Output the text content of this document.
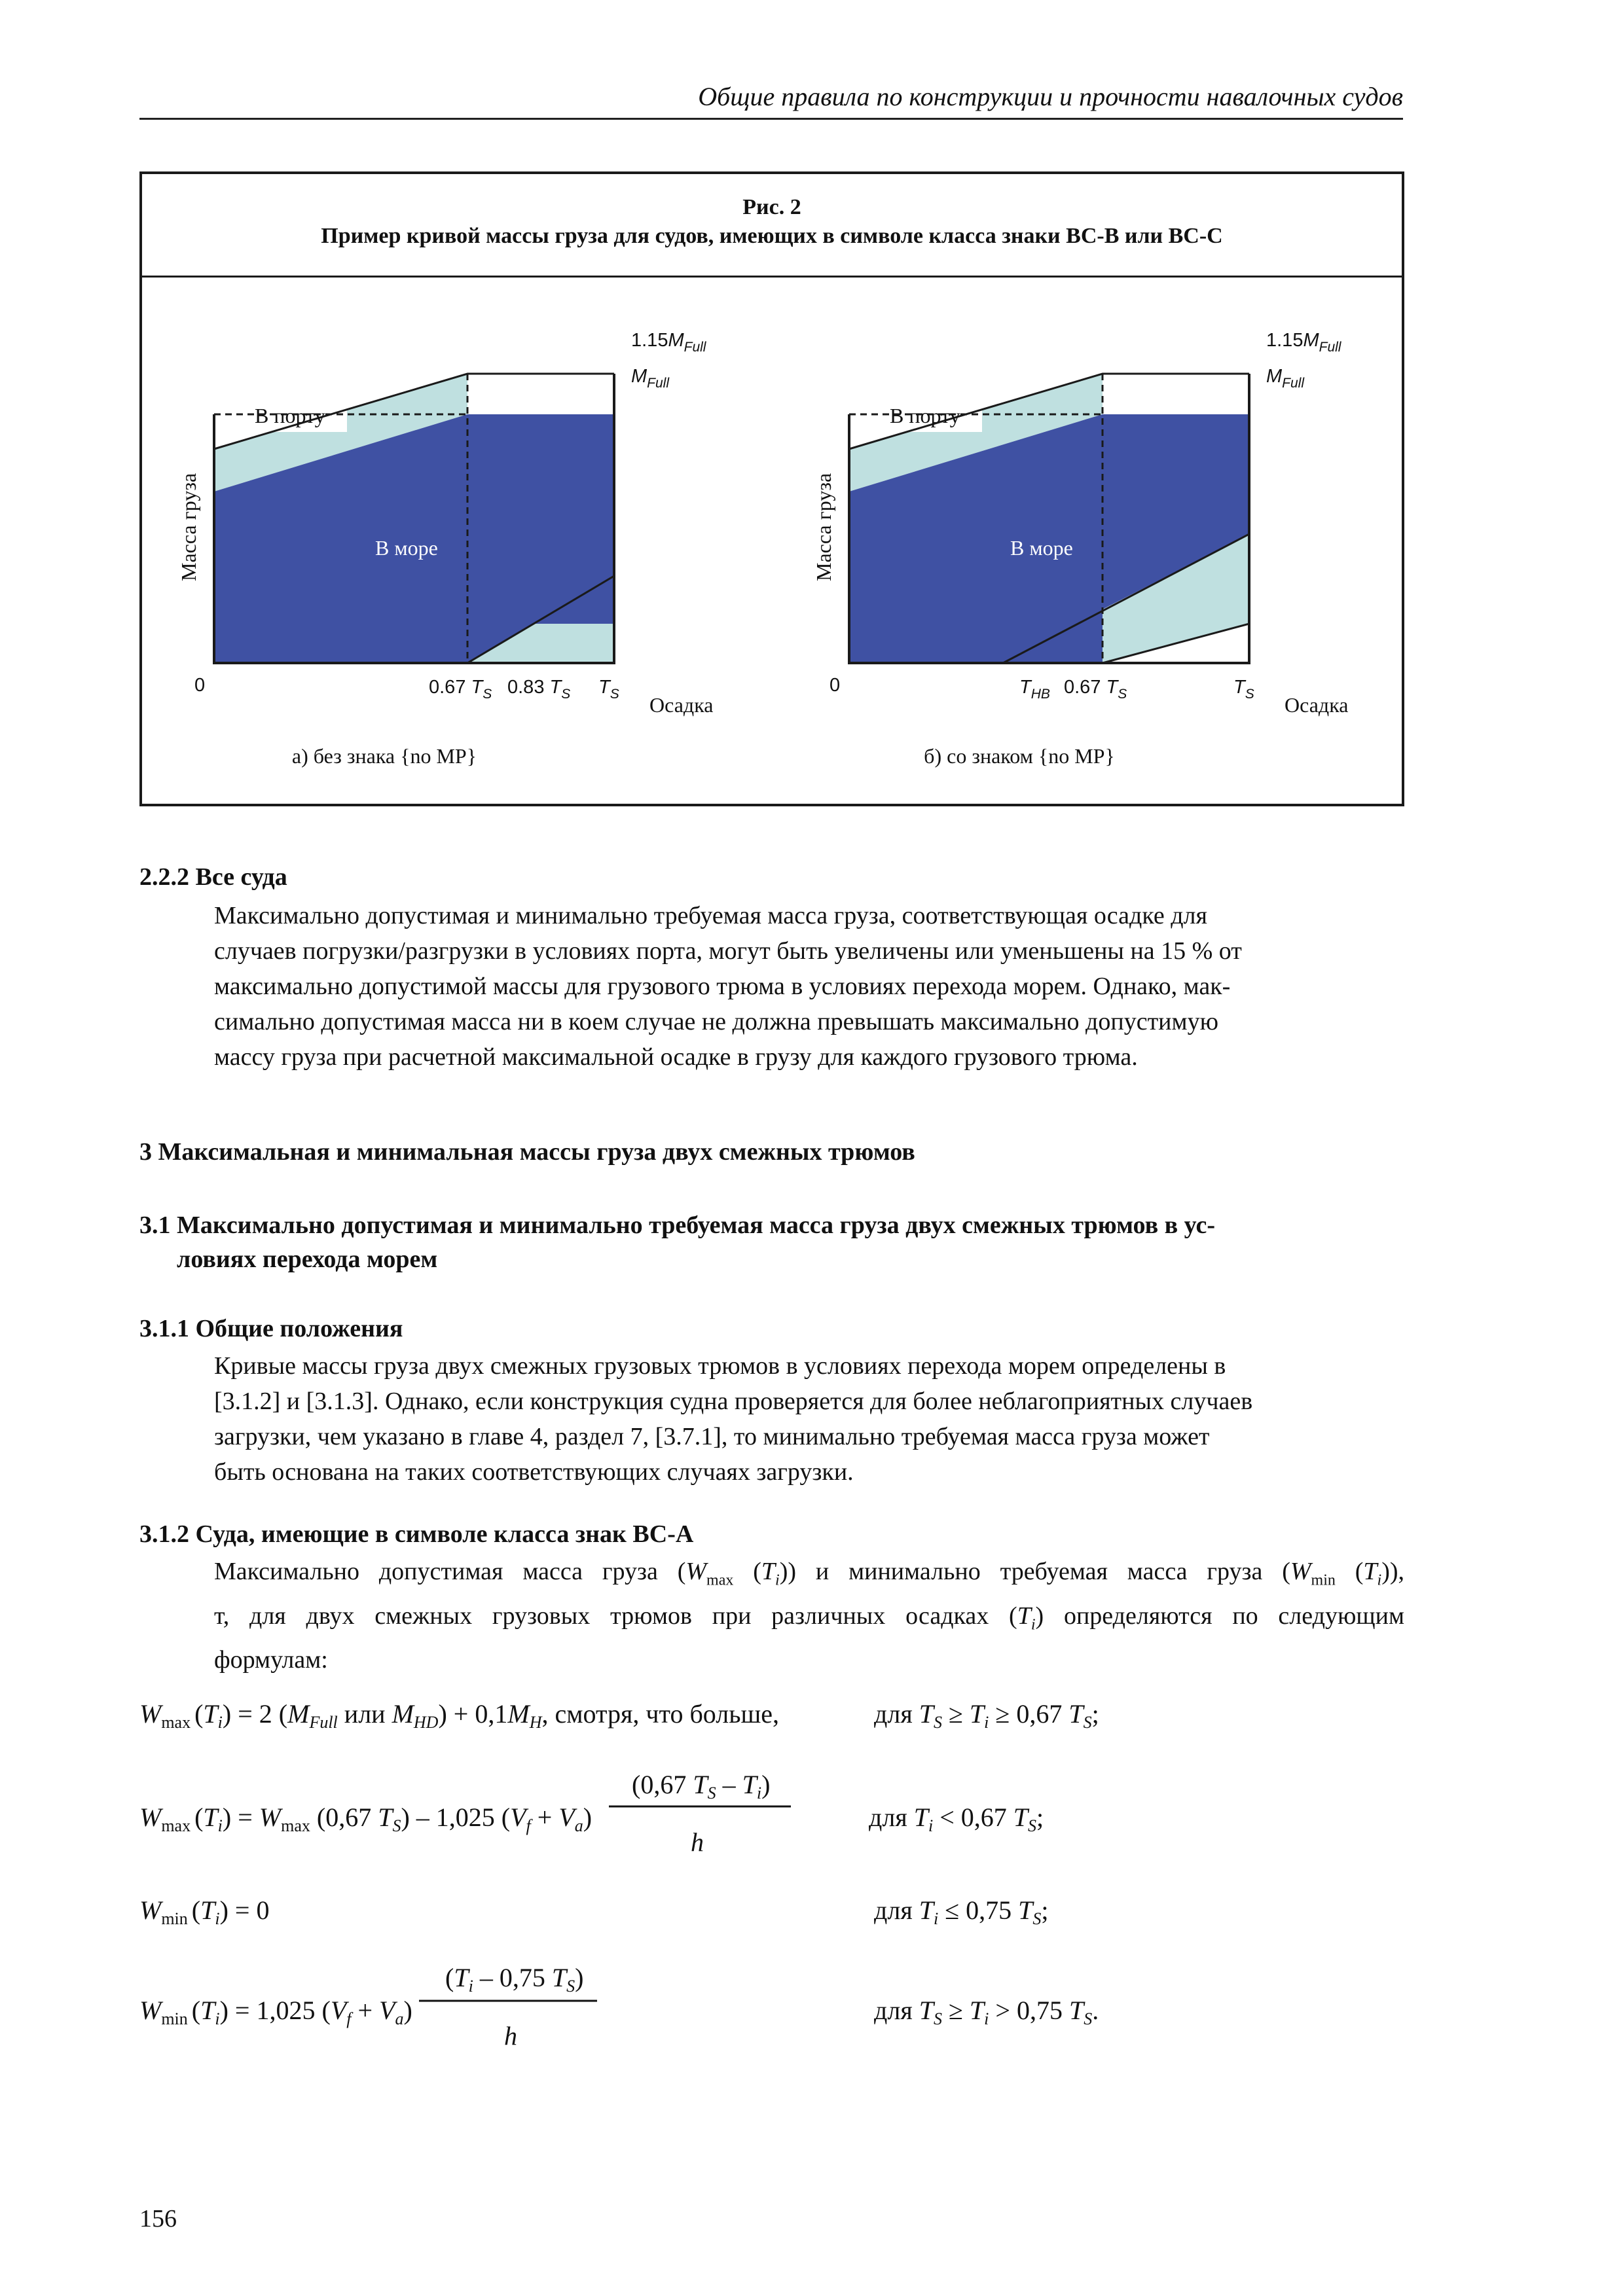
Общие правила по конструкции и прочности навалочных судов
Рис. 2
Пример кривой массы груза для судов, имеющих в символе класса знаки BC-B или BC-C
Масса груза
В порту
В море
0	0.67 $T_S$ 0.83 $T_S$ $T_S$ Осадка
$1.15M_{Full}$
$M_{Full}$
а) без знака {no MP}
Масса груза
В порту
В море
0	$T_{HB}$ 0.67 $T_S$	$T_S$ Осадка
$1.15M_{Full}$
$M_{Full}$
б) со знаком {no MP}
2.2.2 Все суда
Максимально допустимая и минимально требуемая масса груза, соответствующая осадке для
случаев погрузки/разгрузки в условиях порта, могут быть увеличены или уменьшены на 15 % от
максимально допустимой массы для грузового трюма в условиях перехода морем. Однако, мак-
симально допустимая масса ни в коем случае не должна превышать максимально допустимую
массу груза при расчетной максимальной осадке в грузу для каждого грузового трюма.
3 Максимальная и минимальная массы груза двух смежных трюмов
3.1 Максимально допустимая и минимально требуемая масса груза двух смежных трюмов в ус-
ловиях перехода морем
3.1.1 Общие положения
Кривые массы груза двух смежных грузовых трюмов в условиях перехода морем определены в
[3.1.2] и [3.1.3]. Однако, если конструкция судна проверяется для более неблагоприятных случаев
загрузки, чем указано в главе 4, раздел 7, [3.7.1], то минимально требуемая масса груза может
быть основана на таких соответствующих случаях загрузки.
3.1.2 Суда, имеющие в символе класса знак BC-A
Максимально допустимая масса груза ($W_{max}$ $(T_i)$) и минимально требуемая масса груза ($W_{min}$ $(T_i)$),
т, для двух смежных грузовых трюмов при различных осадках $(T_i)$ определяются по следующим
формулам:
$W_{max}$ $(T_i) = 2$ ($M_{Full}$ или $M_{HD}) + 0,1M_H$, смотря, что больше,	для $T_S \ge T_i \ge 0,67$ $T_S$;
$W_{max}$ $(T_i) = W_{max}$ (0,67 $T_S) - 1,025$ $(V_f + V_a)$
(0,67 $T_S - T_i$)
h
для $T_i < 0,67$ $T_S$;
$W_{min}$ $(T_i) = 0$	для $T_i \le 0,75$ $T_S$;
$W_{min}$ $(T_i) = 1,025$ $(V_f + V_a)$
($T_i - 0,75$ $T_S$)
h
для $T_S \ge T_i > 0,75$ $T_S$.
156
